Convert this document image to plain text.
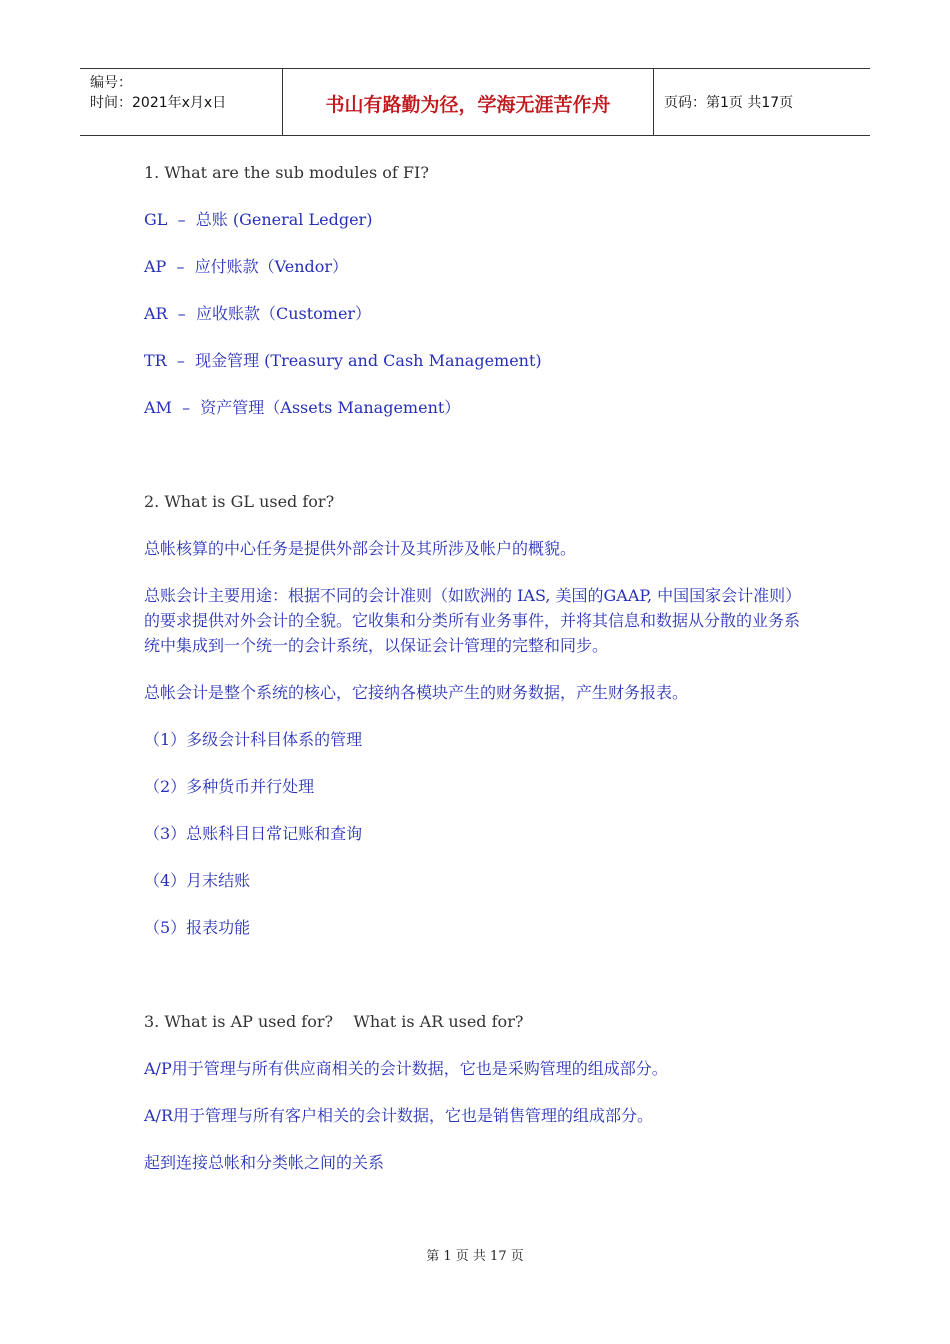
编号：
时间：2021年x月x日	书山有路勤为径，学海无涯苦作舟	页码：第1页 共17页

1. What are the sub modules of FI?

GL  –  总账 (General Ledger)

AP  –  应付账款（Vendor）

AR  –  应收账款（Customer）

TR  –  现金管理 (Treasury and Cash Management)

AM  –  资产管理（Assets Management）

2. What is GL used for?

总帐核算的中心任务是提供外部会计及其所涉及帐户的概貌。

总账会计主要用途：根据不同的会计准则（如欧洲的 IAS, 美国的GAAP, 中国国家会计准则）的要求提供对外会计的全貌。它收集和分类所有业务事件，并将其信息和数据从分散的业务系统中集成到一个统一的会计系统，以保证会计管理的完整和同步。

总帐会计是整个系统的核心，它接纳各模块产生的财务数据，产生财务报表。

（1）多级会计科目体系的管理

（2）多种货币并行处理

（3）总账科目日常记账和查询

（4）月末结账

（5）报表功能

3. What is AP used for?    What is AR used for?

A/P用于管理与所有供应商相关的会计数据，它也是采购管理的组成部分。

A/R用于管理与所有客户相关的会计数据，它也是销售管理的组成部分。

起到连接总帐和分类帐之间的关系

第 1 页 共 17 页
